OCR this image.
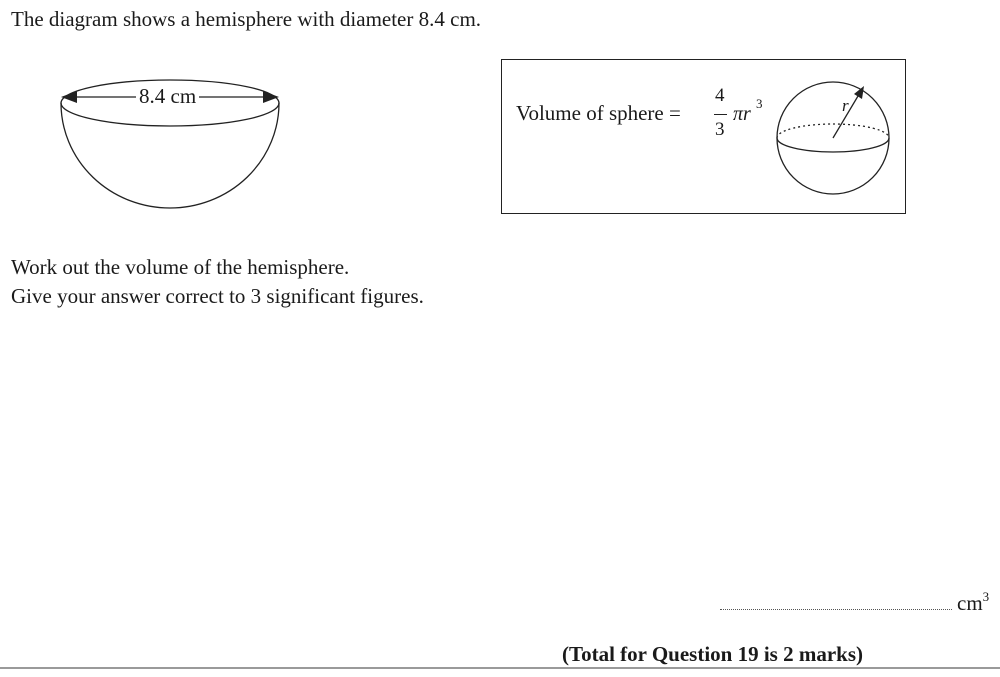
The diagram shows a hemisphere with diameter 8.4 cm.
8.4 cm
Volume of sphere =
4
3
πr 3	r
Work out the volume of the hemisphere.
Give your answer correct to 3 significant figures.
$cm^3$
(Total for Question 19 is 2 marks)
